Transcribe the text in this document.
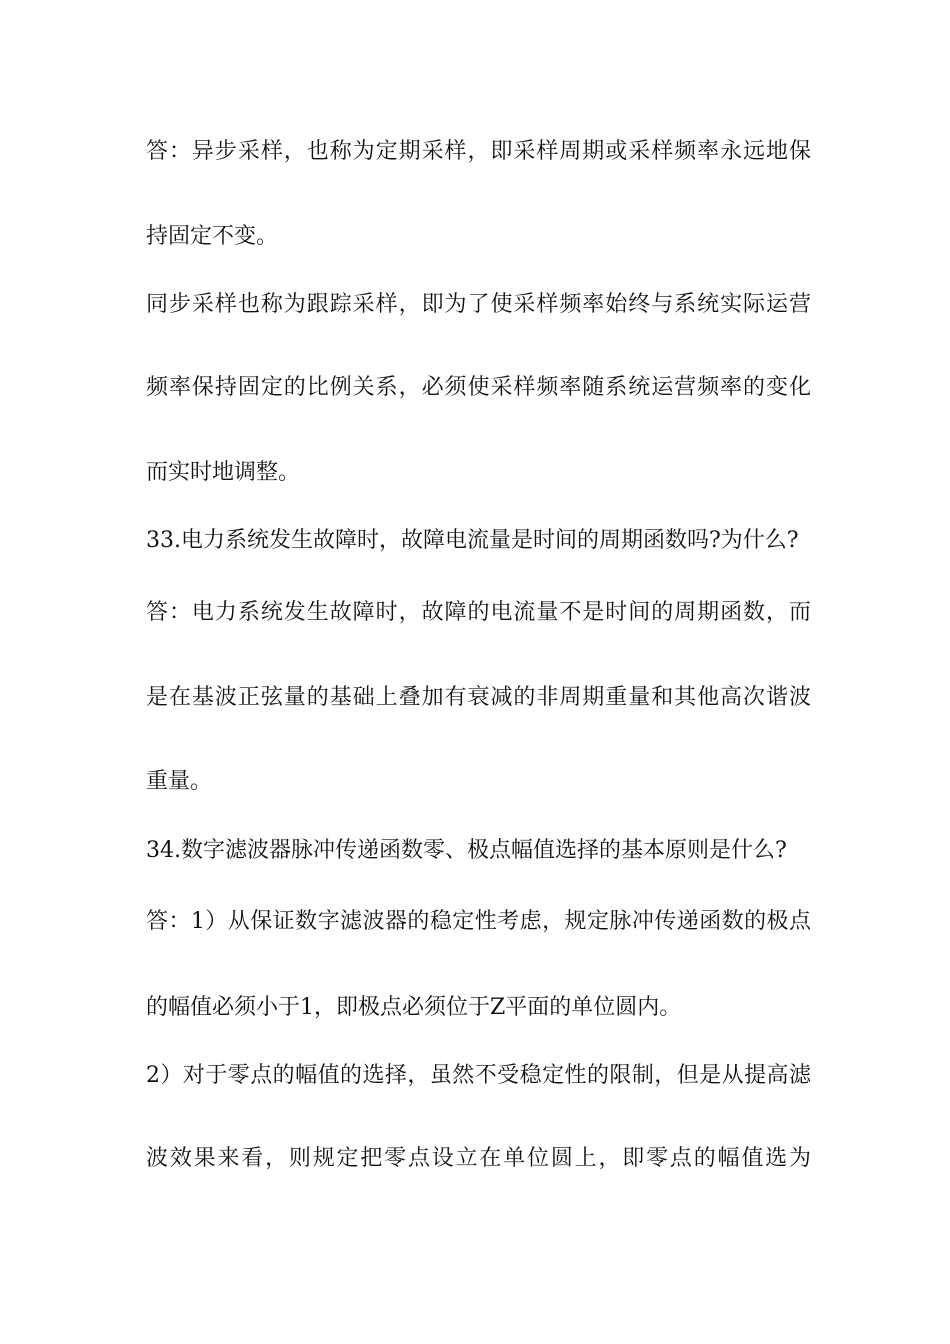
答：异步采样，也称为定期采样，即采样周期或采样频率永远地保
持固定不变。
同步采样也称为跟踪采样，即为了使采样频率始终与系统实际运营
频率保持固定的比例关系，必须使采样频率随系统运营频率的变化
而实时地调整。
33.电力系统发生故障时，故障电流量是时间的周期函数吗?为什么?
答：电力系统发生故障时，故障的电流量不是时间的周期函数，而
是在基波正弦量的基础上叠加有衰减的非周期重量和其他高次谐波
重量。
34.数字滤波器脉冲传递函数零、极点幅值选择的基本原则是什么?
答：1）从保证数字滤波器的稳定性考虑，规定脉冲传递函数的极点
的幅值必须小于1，即极点必须位于Z平面的单位圆内。
2）对于零点的幅值的选择，虽然不受稳定性的限制，但是从提高滤
波效果来看，则规定把零点设立在单位圆上，即零点的幅值选为
